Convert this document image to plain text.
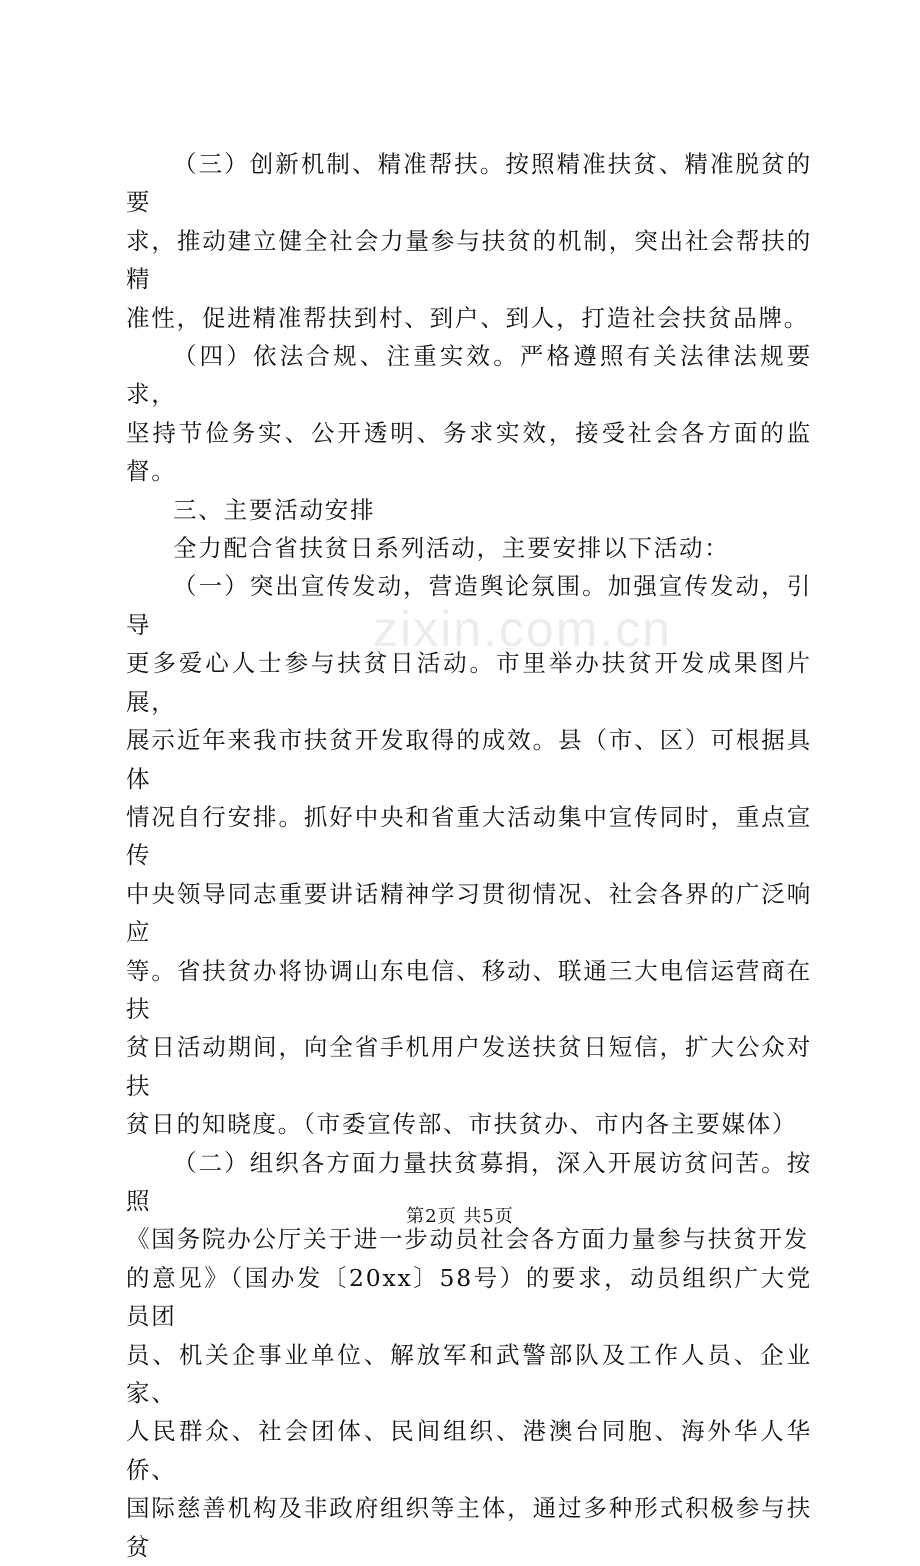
（三）创新机制、精准帮扶。按照精准扶贫、精准脱贫的要
求，推动建立健全社会力量参与扶贫的机制，突出社会帮扶的精
准性，促进精准帮扶到村、到户、到人，打造社会扶贫品牌。

（四）依法合规、注重实效。严格遵照有关法律法规要求，
坚持节俭务实、公开透明、务求实效，接受社会各方面的监督。

三、主要活动安排

全力配合省扶贫日系列活动，主要安排以下活动：

（一）突出宣传发动，营造舆论氛围。加强宣传发动，引导
更多爱心人士参与扶贫日活动。市里举办扶贫开发成果图片展，
展示近年来我市扶贫开发取得的成效。县（市、区）可根据具体
情况自行安排。抓好中央和省重大活动集中宣传同时，重点宣传
中央领导同志重要讲话精神学习贯彻情况、社会各界的广泛响应
等。省扶贫办将协调山东电信、移动、联通三大电信运营商在扶
贫日活动期间，向全省手机用户发送扶贫日短信，扩大公众对扶
贫日的知晓度。（市委宣传部、市扶贫办、市内各主要媒体）

（二）组织各方面力量扶贫募捐，深入开展访贫问苦。按照
《国务院办公厅关于进一步动员社会各方面力量参与扶贫开发
的意见》（国办发〔20xx〕58号）的要求，动员组织广大党员团
员、机关企事业单位、解放军和武警部队及工作人员、企业家、
人民群众、社会团体、民间组织、港澳台同胞、海外华人华侨、
国际慈善机构及非政府组织等主体，通过多种形式积极参与扶贫

zixin.com.cn
第2页 共5页
